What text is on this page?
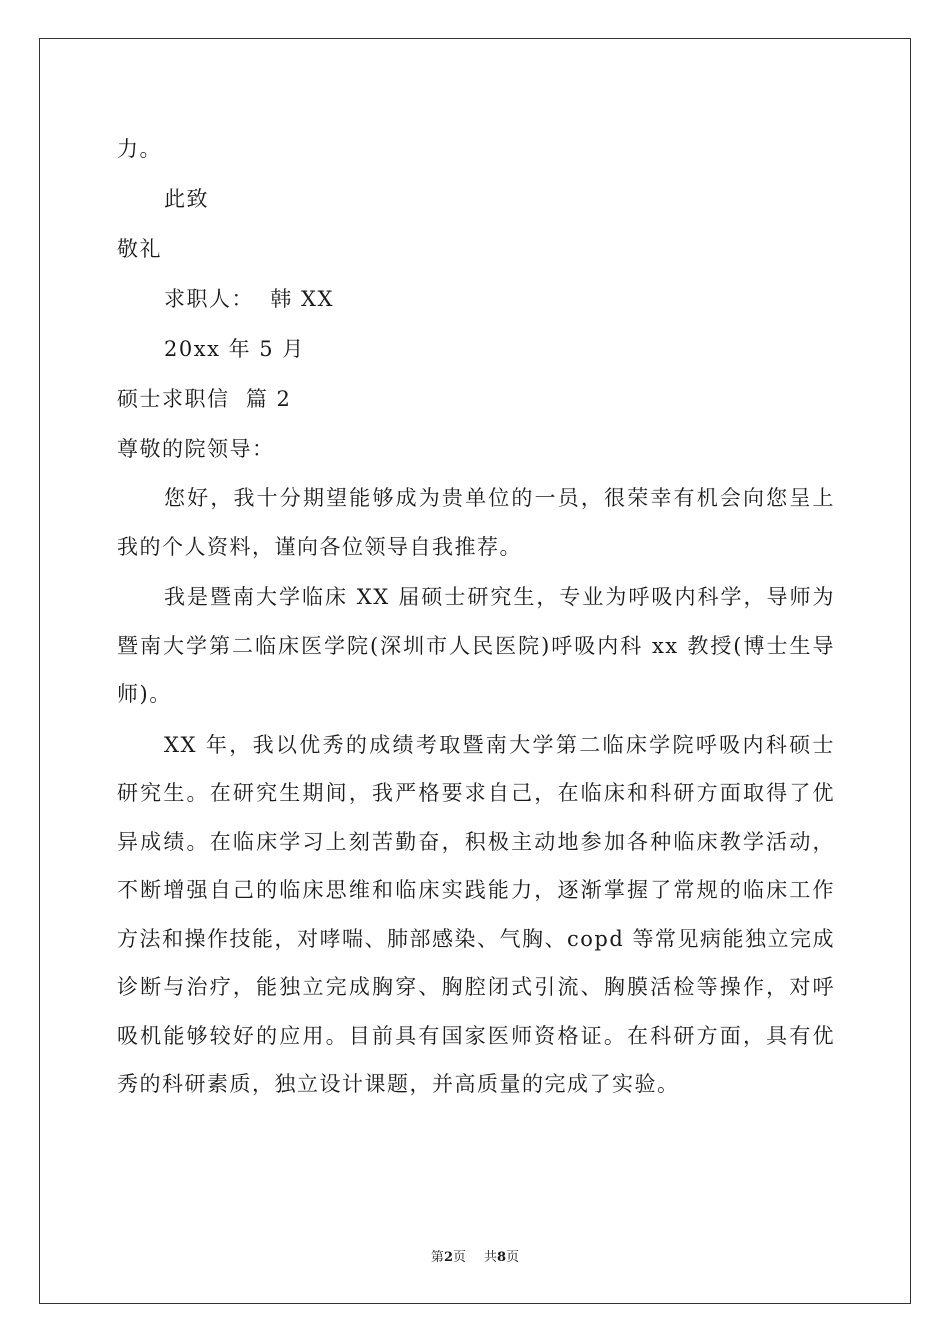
力。
此致
敬礼
求职人：  韩 XX
20xx 年 5 月
硕士求职信  篇 2
尊敬的院领导：
您好，我十分期望能够成为贵单位的一员，很荣幸有机会向您呈上我的个人资料，谨向各位领导自我推荐。
我是暨南大学临床 XX 届硕士研究生，专业为呼吸内科学，导师为暨南大学第二临床医学院(深圳市人民医院)呼吸内科 xx 教授(博士生导师)。
XX 年，我以优秀的成绩考取暨南大学第二临床学院呼吸内科硕士研究生。在研究生期间，我严格要求自己，在临床和科研方面取得了优异成绩。在临床学习上刻苦勤奋，积极主动地参加各种临床教学活动，不断增强自己的临床思维和临床实践能力，逐渐掌握了常规的临床工作方法和操作技能，对哮喘、肺部感染、气胸、copd 等常见病能独立完成诊断与治疗，能独立完成胸穿、胸腔闭式引流、胸膜活检等操作，对呼吸机能够较好的应用。目前具有国家医师资格证。在科研方面，具有优秀的科研素质，独立设计课题，并高质量的完成了实验。
第2页 共8页
